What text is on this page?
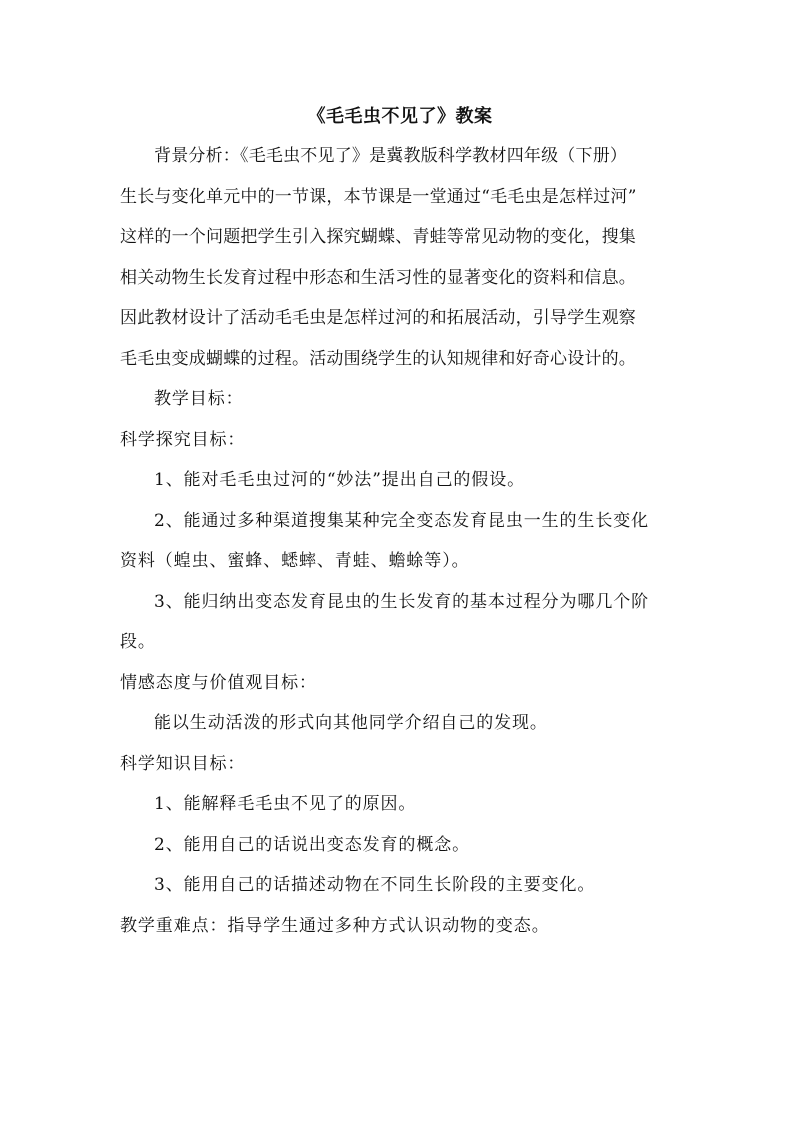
《毛毛虫不见了》教案
背景分析：《毛毛虫不见了》是冀教版科学教材四年级（下册）
生长与变化单元中的一节课，本节课是一堂通过“毛毛虫是怎样过河”
这样的一个问题把学生引入探究蝴蝶、青蛙等常见动物的变化，搜集
相关动物生长发育过程中形态和生活习性的显著变化的资料和信息。
因此教材设计了活动毛毛虫是怎样过河的和拓展活动，引导学生观察
毛毛虫变成蝴蝶的过程。活动围绕学生的认知规律和好奇心设计的。
教学目标：
科学探究目标：
1、能对毛毛虫过河的“妙法”提出自己的假设。
2、能通过多种渠道搜集某种完全变态发育昆虫一生的生长变化
资料（蝗虫、蜜蜂、蟋蟀、青蛙、蟾蜍等）。
3、能归纳出变态发育昆虫的生长发育的基本过程分为哪几个阶
段。
情感态度与价值观目标：
能以生动活泼的形式向其他同学介绍自己的发现。
科学知识目标：
1、能解释毛毛虫不见了的原因。
2、能用自己的话说出变态发育的概念。
3、能用自己的话描述动物在不同生长阶段的主要变化。
教学重难点：指导学生通过多种方式认识动物的变态。
